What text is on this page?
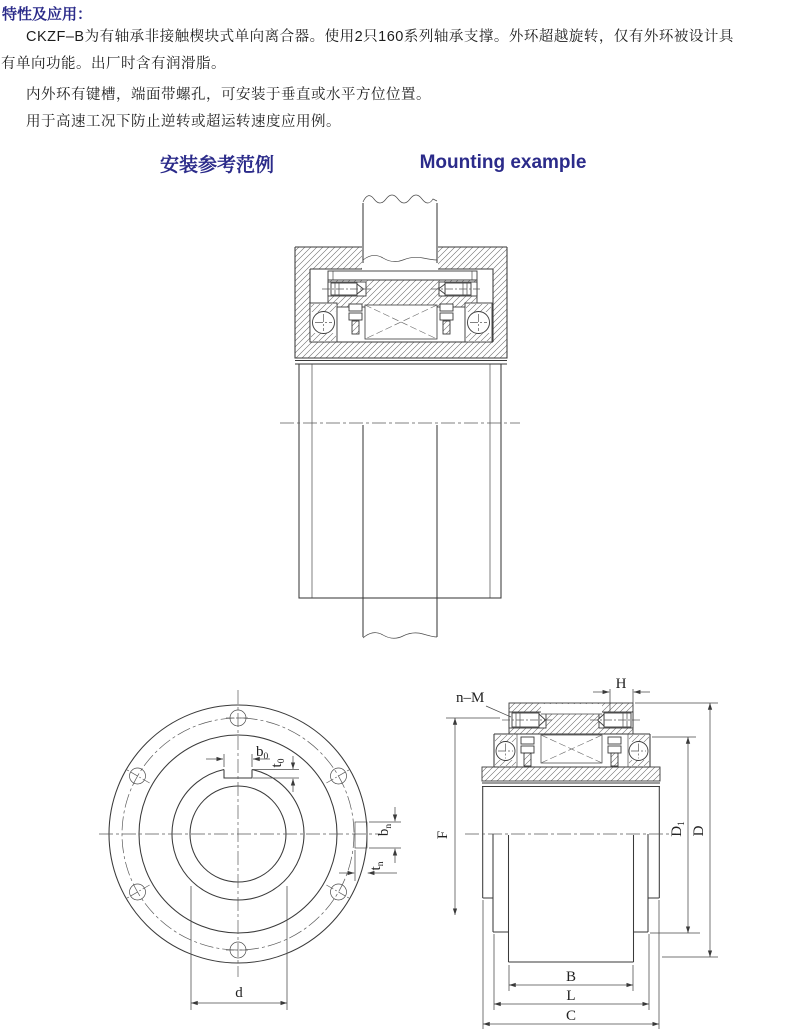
特性及应用：
CKZF–B为有轴承非接触楔块式单向离合器。使用2只160系列轴承支撑。外环超越旋转，仅有外环被设计具
有单向功能。出厂时含有润滑脂。
内外环有键槽，端面带螺孔，可安装于垂直或水平方位位置。
用于高速工况下防止逆转或超运转速度应用例。
安装参考范例	Mounting example
$b_0$
$t_0$
$b_n$
$t_n$
d
n–M
H
F	$D_1$
D
B
L
C
